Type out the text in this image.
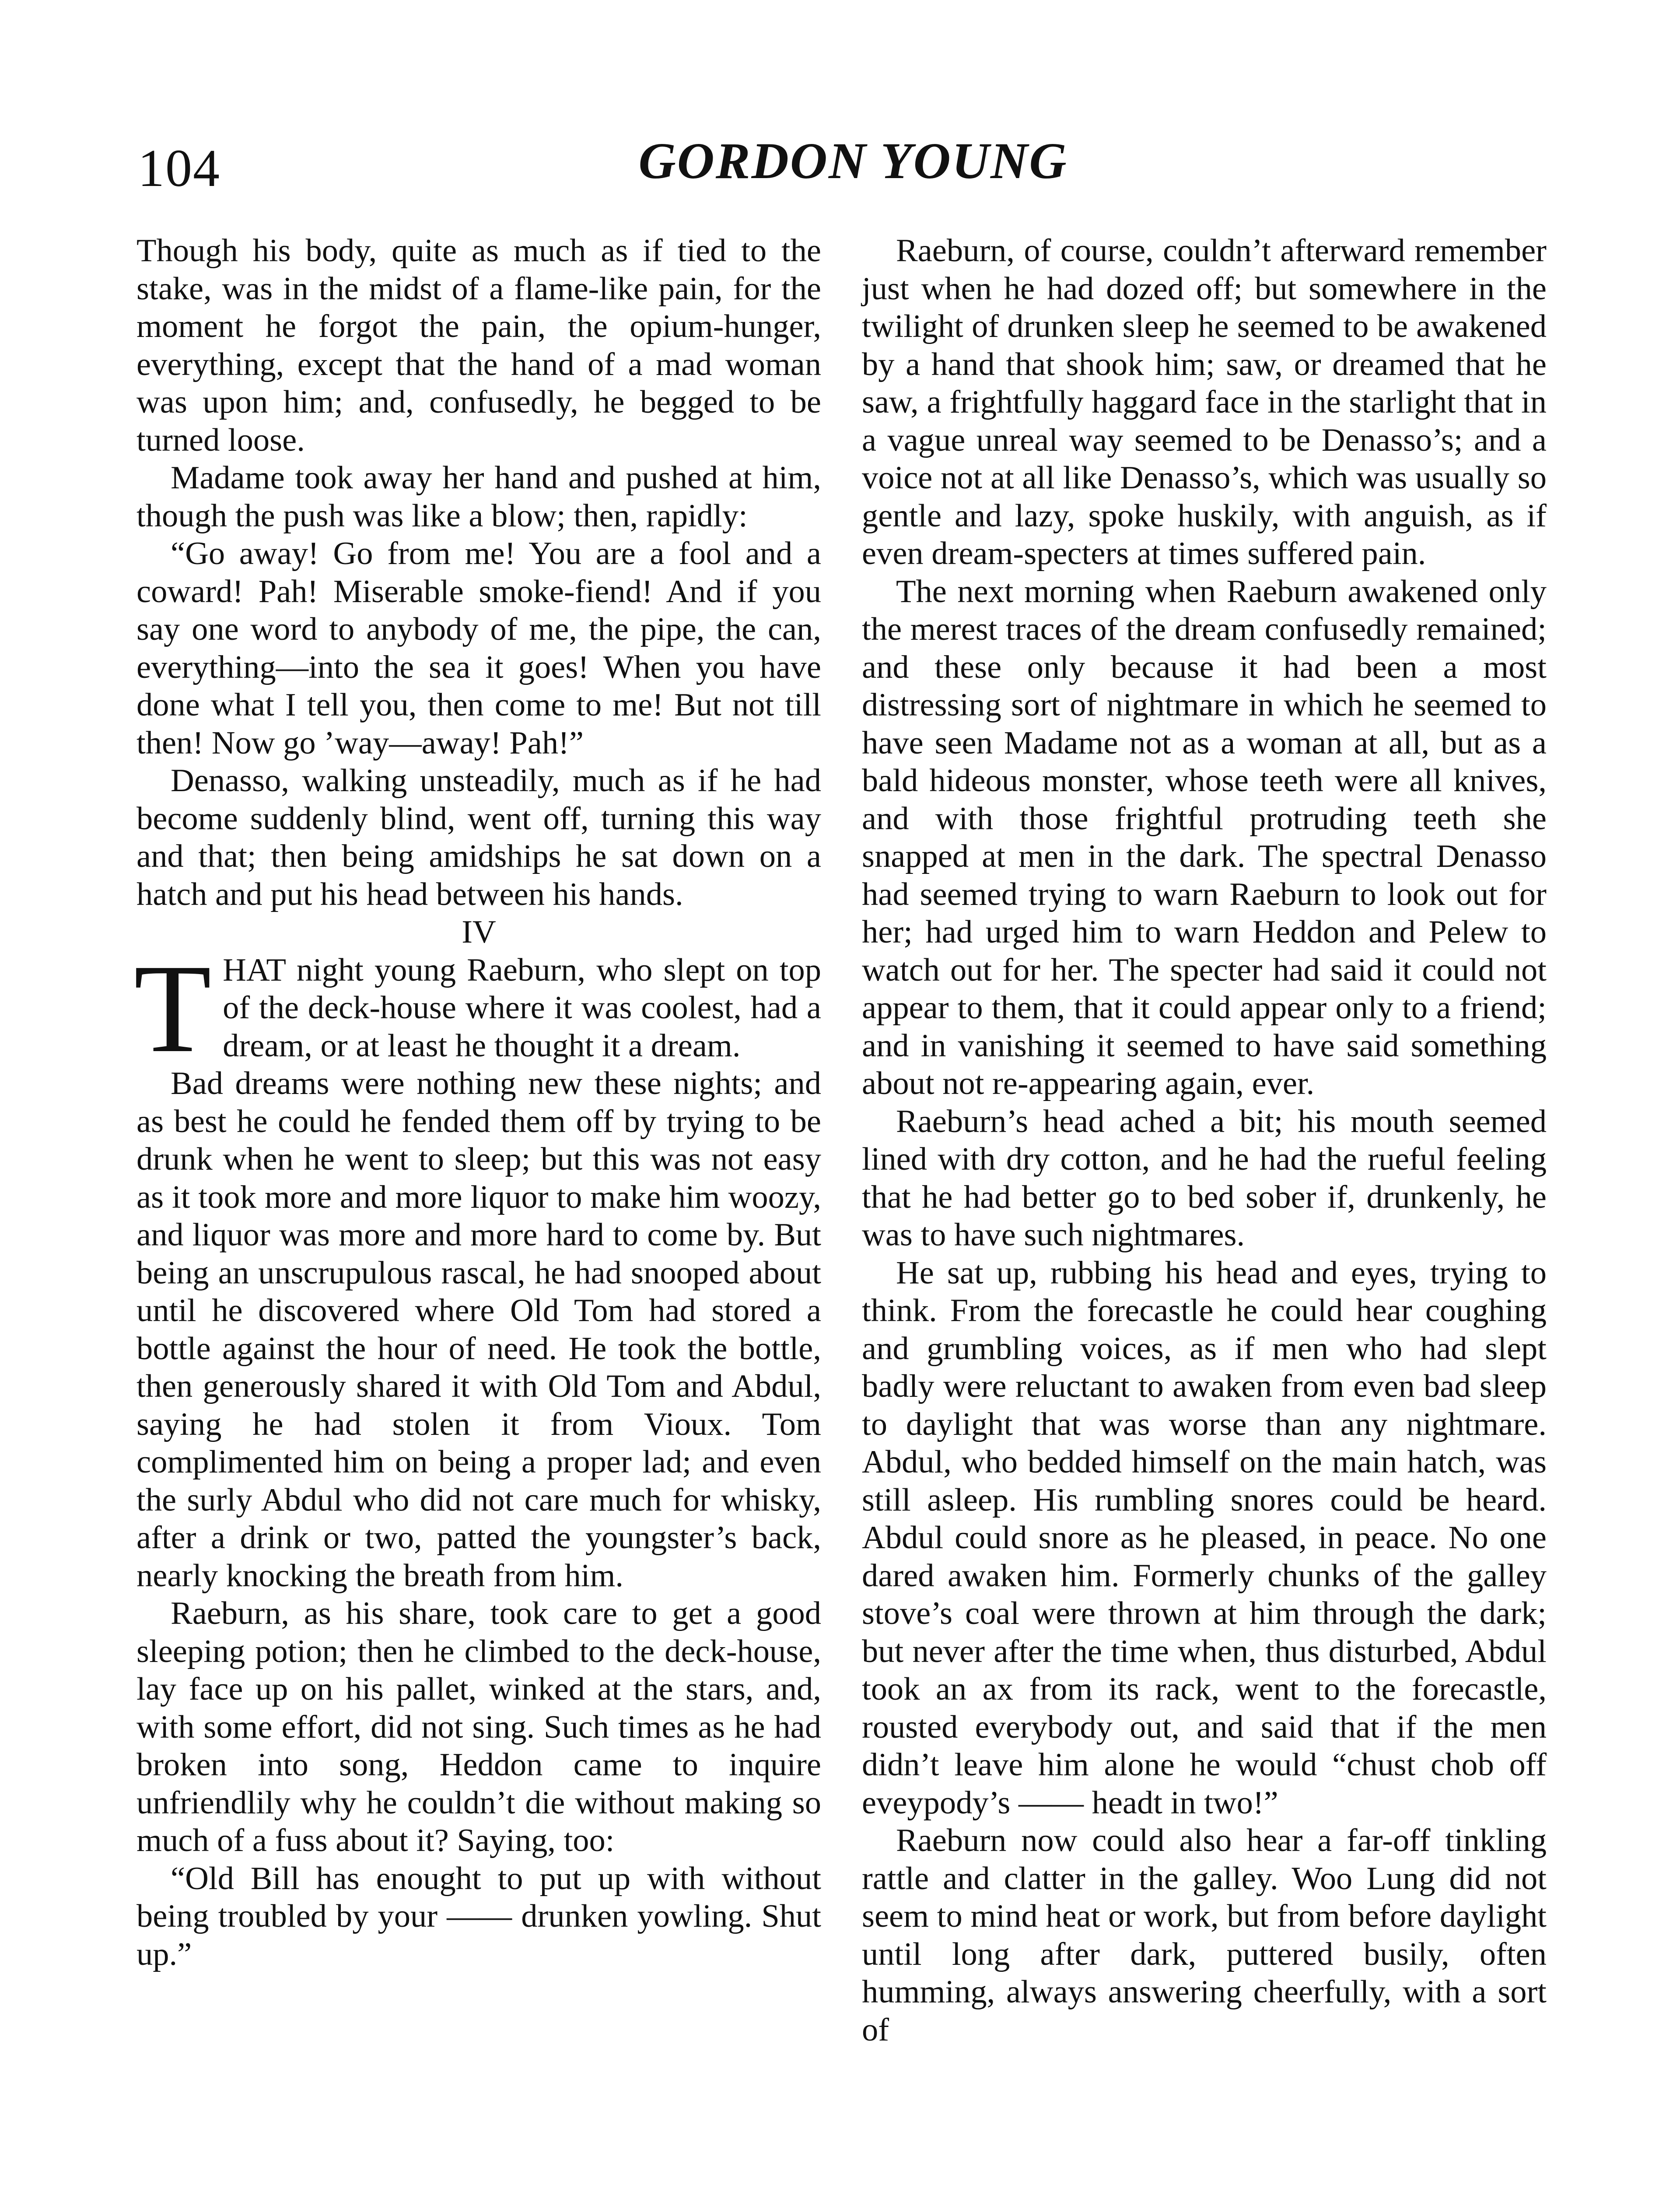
104	GORDON YOUNG

Though his body, quite as much as if tied to the stake, was in the midst of a flame-like pain, for the moment he forgot the pain, the opium-hunger, everything, except that the hand of a mad woman was upon him; and, confusedly, he begged to be turned loose.

Madame took away her hand and pushed at him, though the push was like a blow; then, rapidly:

“Go away! Go from me! You are a fool and a coward! Pah! Miserable smoke-fiend! And if you say one word to anybody of me, the pipe, the can, everything—into the sea it goes! When you have done what I tell you, then come to me! But not till then! Now go ’way—away! Pah!”

Denasso, walking unsteadily, much as if he had become suddenly blind, went off, turning this way and that; then being amidships he sat down on a hatch and put his head between his hands.

IV

THAT night young Raeburn, who slept on top of the deck-house where it was coolest, had a dream, or at least he thought it a dream.

Bad dreams were nothing new these nights; and as best he could he fended them off by trying to be drunk when he went to sleep; but this was not easy as it took more and more liquor to make him woozy, and liquor was more and more hard to come by. But being an unscrupulous rascal, he had snooped about until he discovered where Old Tom had stored a bottle against the hour of need. He took the bottle, then generously shared it with Old Tom and Abdul, saying he had stolen it from Vioux. Tom complimented him on being a proper lad; and even the surly Abdul who did not care much for whisky, after a drink or two, patted the youngster’s back, nearly knocking the breath from him.

Raeburn, as his share, took care to get a good sleeping potion; then he climbed to the deck-house, lay face up on his pallet, winked at the stars, and, with some effort, did not sing. Such times as he had broken into song, Heddon came to inquire unfriendlily why he couldn’t die without making so much of a fuss about it? Saying, too:

“Old Bill has enought to put up with without being troubled by your —— drunken yowling. Shut up.”

Raeburn, of course, couldn’t afterward remember just when he had dozed off; but somewhere in the twilight of drunken sleep he seemed to be awakened by a hand that shook him; saw, or dreamed that he saw, a frightfully haggard face in the starlight that in a vague unreal way seemed to be Denasso’s; and a voice not at all like Denasso’s, which was usually so gentle and lazy, spoke huskily, with anguish, as if even dream-specters at times suffered pain.

The next morning when Raeburn awakened only the merest traces of the dream confusedly remained; and these only because it had been a most distressing sort of nightmare in which he seemed to have seen Madame not as a woman at all, but as a bald hideous monster, whose teeth were all knives, and with those frightful protruding teeth she snapped at men in the dark. The spectral Denasso had seemed trying to warn Raeburn to look out for her; had urged him to warn Heddon and Pelew to watch out for her. The specter had said it could not appear to them, that it could appear only to a friend; and in vanishing it seemed to have said something about not re-appearing again, ever.

Raeburn’s head ached a bit; his mouth seemed lined with dry cotton, and he had the rueful feeling that he had better go to bed sober if, drunkenly, he was to have such nightmares.

He sat up, rubbing his head and eyes, trying to think. From the forecastle he could hear coughing and grumbling voices, as if men who had slept badly were reluctant to awaken from even bad sleep to daylight that was worse than any nightmare. Abdul, who bedded himself on the main hatch, was still asleep. His rumbling snores could be heard. Abdul could snore as he pleased, in peace. No one dared awaken him. Formerly chunks of the galley stove’s coal were thrown at him through the dark; but never after the time when, thus disturbed, Abdul took an ax from its rack, went to the forecastle, rousted everybody out, and said that if the men didn’t leave him alone he would “chust chob off eveypody’s —— headt in two!”

Raeburn now could also hear a far-off tinkling rattle and clatter in the galley. Woo Lung did not seem to mind heat or work, but from before daylight until long after dark, puttered busily, often humming, always answering cheerfully, with a sort of
